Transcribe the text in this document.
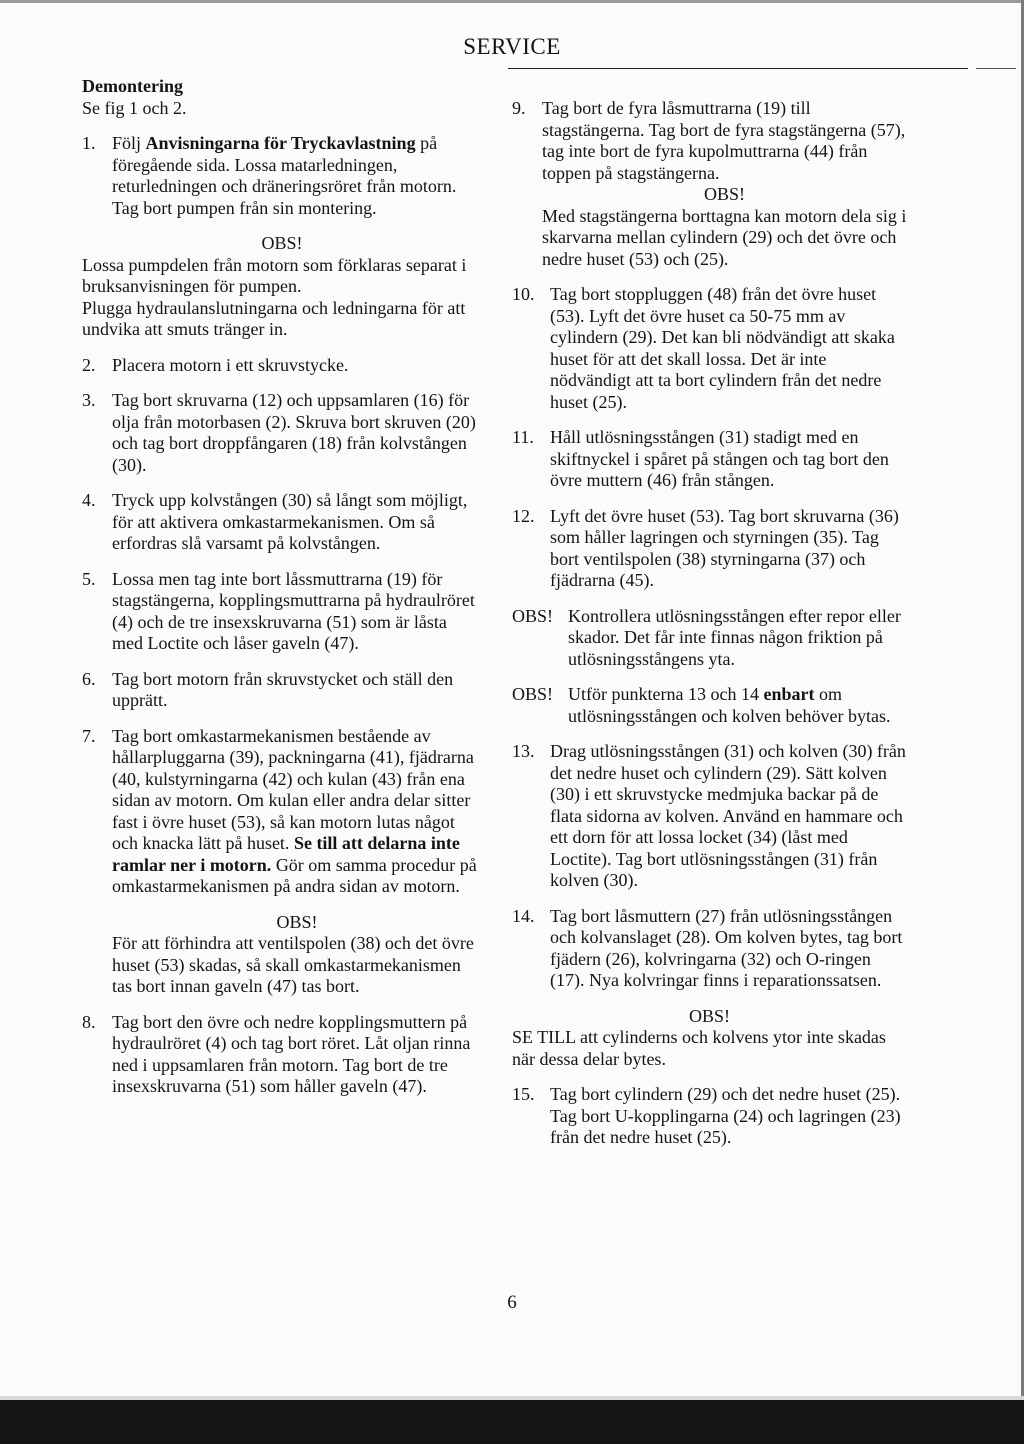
SERVICE
Demontering
Se fig 1 och 2.
1. Följ Anvisningarna för Tryckavlastning på föregående sida. Lossa matarledningen, returledningen och dräneringsröret från motorn. Tag bort pumpen från sin montering.
OBS!

Lossa pumpdelen från motorn som förklaras separat i bruksanvisningen för pumpen.

Plugga hydraulanslutningarna och ledningarna för att undvika att smuts tränger in.

2. Placera motorn i ett skruvstycke.
3. Tag bort skruvarna (12) och uppsamlaren (16) för olja från motorbasen (2). Skruva bort skruven (20) och tag bort droppfångaren (18) från kolvstången (30).
4. Tryck upp kolvstången (30) så långt som möjligt, för att aktivera omkastarmekanismen. Om så erfordras slå varsamt på kolvstången.
5. Lossa men tag inte bort låssmuttrarna (19) för stagstängerna, kopplingsmuttrarna på hydraulröret (4) och de tre insexskruvarna (51) som är låsta med Loctite och låser gaveln (47).
6. Tag bort motorn från skruvstycket och ställ den upprätt.
7. Tag bort omkastarmekanismen bestående av hållarpluggarna (39), packningarna (41), fjädrarna (40, kulstyrningarna (42) och kulan (43) från ena sidan av motorn. Om kulan eller andra delar sitter fast i övre huset (53), så kan motorn lutas något och knacka lätt på huset. Se till att delarna inte ramlar ner i motorn. Gör om samma procedur på omkastarmekanismen på andra sidan av motorn.
OBS!
För att förhindra att ventilspolen (38) och det övre huset (53) skadas, så skall omkastarmekanismen tas bort innan gaveln (47) tas bort.
8. Tag bort den övre och nedre kopplingsmuttern på hydraulröret (4) och tag bort röret. Låt oljan rinna ned i uppsamlaren från motorn. Tag bort de tre insexskruvarna (51) som håller gaveln (47).
9. Tag bort de fyra låsmuttrarna (19) till stagstängerna. Tag bort de fyra stagstängerna (57), tag inte bort de fyra kupolmuttrarna (44) från toppen på stagstängerna.
OBS!
Med stagstängerna borttagna kan motorn dela sig i skarvarna mellan cylindern (29) och det övre och nedre huset (53) och (25).
10. Tag bort stoppluggen (48) från det övre huset (53). Lyft det övre huset ca 50-75 mm av cylindern (29). Det kan bli nödvändigt att skaka huset för att det skall lossa. Det är inte nödvändigt att ta bort cylindern från det nedre huset (25).
11. Håll utlösningsstången (31) stadigt med en skiftnyckel i spåret på stången och tag bort den övre muttern (46) från stången.
12. Lyft det övre huset (53). Tag bort skruvarna (36) som håller lagringen och styrningen (35). Tag bort ventilspolen (38) styrningarna (37) och fjädrarna (45).
OBS! Kontrollera utlösningsstången efter repor eller skador. Det får inte finnas någon friktion på utlösningsstångens yta.
OBS! Utför punkterna 13 och 14 enbart om utlösningsstången och kolven behöver bytas.
13. Drag utlösningsstången (31) och kolven (30) från det nedre huset och cylindern (29). Sätt kolven (30) i ett skruvstycke medmjuka backar på de flata sidorna av kolven. Använd en hammare och ett dorn för att lossa locket (34) (låst med Loctite). Tag bort utlösningsstången (31) från kolven (30).
14. Tag bort låsmuttern (27) från utlösningsstången och kolvanslaget (28). Om kolven bytes, tag bort fjädern (26), kolvringarna (32) och O-ringen (17). Nya kolvringar finns i reparationssatsen.
OBS!
SE TILL att cylinderns och kolvens ytor inte skadas när dessa delar bytes.
15. Tag bort cylindern (29) och det nedre huset (25). Tag bort U-kopplingarna (24) och lagringen (23) från det nedre huset (25).
6
